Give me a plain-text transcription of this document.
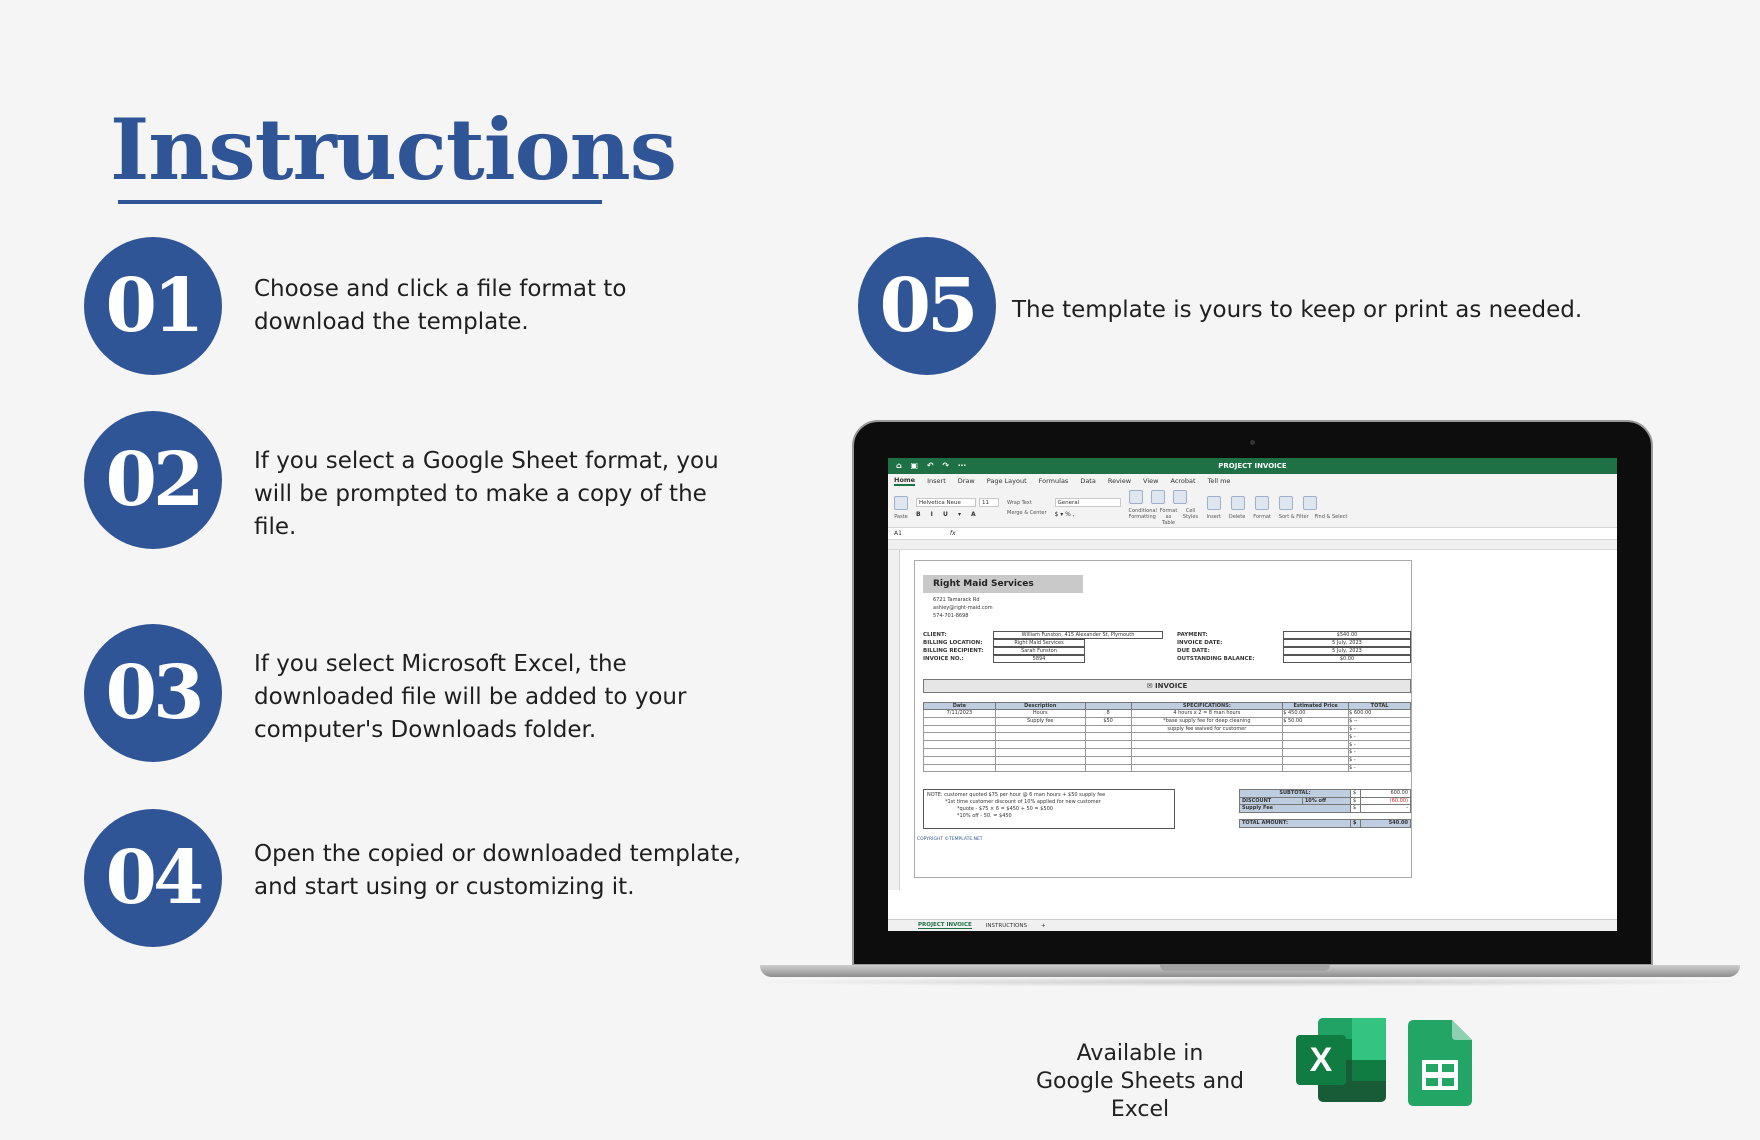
Instructions
01	Choose and click a file format to
download the template.
02	If you select a Google Sheet format, you
will be prompted to make a copy of the
file.
03	If you select Microsoft Excel, the
downloaded file will be added to your
computer's Downloads folder.
04	Open the copied or downloaded template,
and start using or customizing it.
05	The template is yours to keep or print as needed.
⌂ ▣ ↶ ↷ ⋯	PROJECT INVOICE
Home Insert Draw Page Layout Formulas Data Review View Acrobat Tell me
Paste
Helvetica Neue	11
B I U ▾ A
Wrap Text
Merge & Center
General
$ ▾ % ,	Conditional Formatting
Format as Table
Cell Styles Insert Delete Format Sort & Filter Find & Select
A1	fx
Right Maid Services
6721 Tamarack Rd
ashley@right-maid.com
574-701-8698
CLIENT:	William Funston, 415 Alexander St, Plymouth
BILLING LOCATION:	Right Maid Services
BILLING RECIPIENT:	Sarah Funston
INVOICE NO.:	5894
PAYMENT:	$540.00
INVOICE DATE:	5 July, 2023
DUE DATE:	5 July, 2023
OUTSTANDING BALANCE:	$0.00
✉ INVOICE
Date	Description		SPECIFICATIONS:	Estimated Price	TOTAL
7/11/2023	Hours	8	4 hours x 2 = 8 man hours	$ 450.00	$ 600.00
	Supply fee	$50	*base supply fee for deep cleaning	$ 50.00	$ --
			supply fee waived for customer		$ -
					$ -
					$ -
					$ -
					$ -
					$ -
NOTE: customer quoted $75 per hour @ 6 man hours + $50 supply fee
*1st time customer discount of 10% applied for new customer
*quote - $75 × 6 = $450 + 50 = $500
*10% off - 50. = $450
SUBTOTAL:		$	600.00
DISCOUNT	10% off	$	(60.00)
Supply Fee		$	-

TOTAL AMOUNT:		$	540.00
COPYRIGHT ©TEMPLATE.NET
PROJECT INVOICE	INSTRUCTIONS	+
Available in
Google Sheets and Excel
X
